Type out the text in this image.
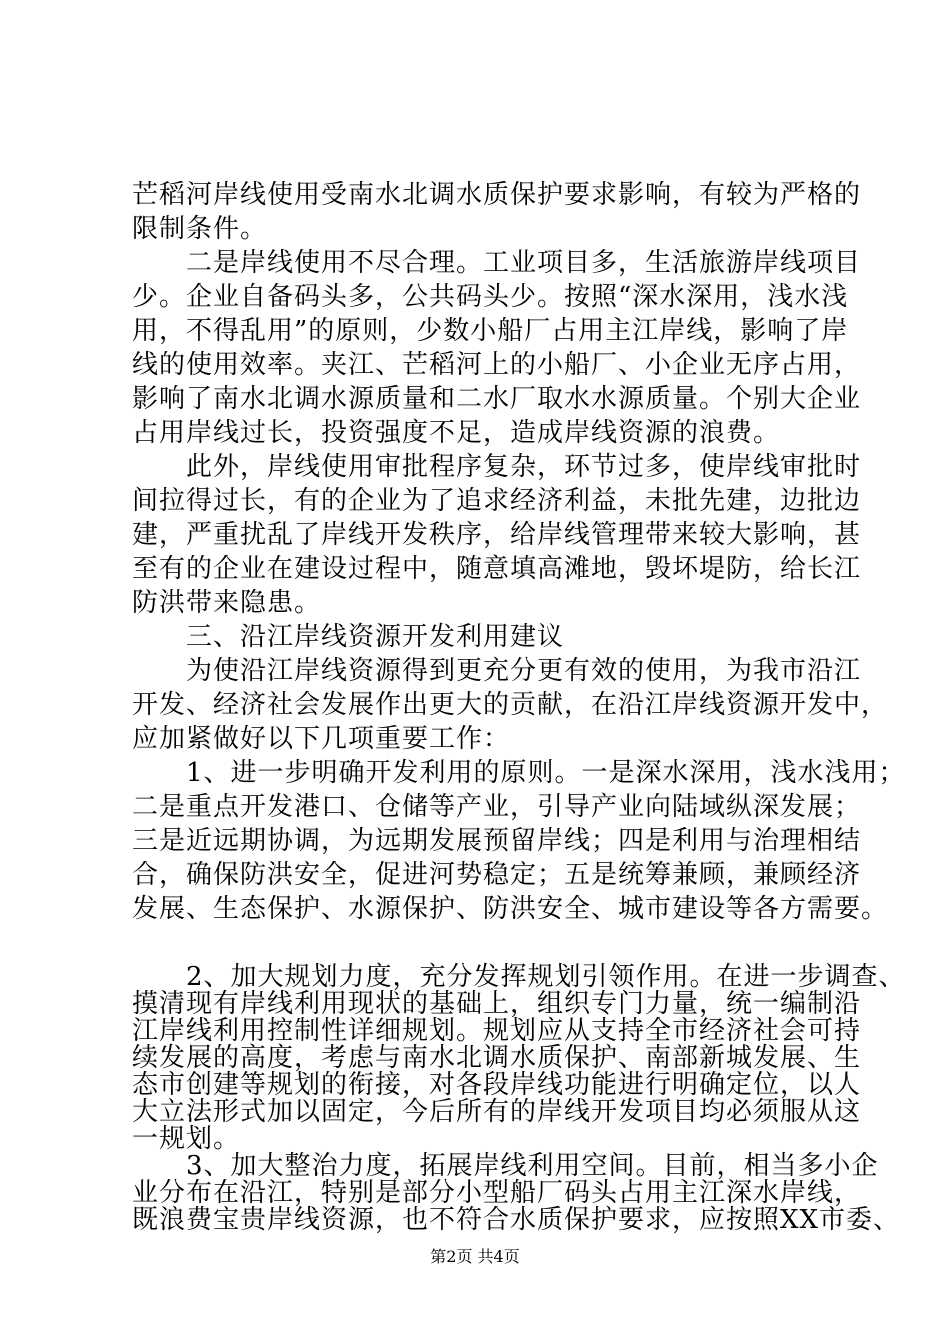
芒稻河岸线使用受南水北调水质保护要求影响，有较为严格的
限制条件。
　　二是岸线使用不尽合理。工业项目多，生活旅游岸线项目
少。企业自备码头多，公共码头少。按照“深水深用，浅水浅
用，不得乱用”的原则，少数小船厂占用主江岸线，影响了岸
线的使用效率。夹江、芒稻河上的小船厂、小企业无序占用，
影响了南水北调水源质量和二水厂取水水源质量。个别大企业
占用岸线过长，投资强度不足，造成岸线资源的浪费。
　　此外，岸线使用审批程序复杂，环节过多，使岸线审批时
间拉得过长，有的企业为了追求经济利益，未批先建，边批边
建，严重扰乱了岸线开发秩序，给岸线管理带来较大影响，甚
至有的企业在建设过程中，随意填高滩地，毁坏堤防，给长江
防洪带来隐患。
　　三、沿江岸线资源开发利用建议
　　为使沿江岸线资源得到更充分更有效的使用，为我市沿江
开发、经济社会发展作出更大的贡献，在沿江岸线资源开发中，
应加紧做好以下几项重要工作：
　　1、进一步明确开发利用的原则。一是深水深用，浅水浅用；
二是重点开发港口、仓储等产业，引导产业向陆域纵深发展；
三是近远期协调，为远期发展预留岸线；四是利用与治理相结
合，确保防洪安全，促进河势稳定；五是统筹兼顾，兼顾经济
发展、生态保护、水源保护、防洪安全、城市建设等各方需要。
　　2、加大规划力度，充分发挥规划引领作用。在进一步调查、
摸清现有岸线利用现状的基础上，组织专门力量，统一编制沿
江岸线利用控制性详细规划。规划应从支持全市经济社会可持
续发展的高度，考虑与南水北调水质保护、南部新城发展、生
态市创建等规划的衔接，对各段岸线功能进行明确定位，以人
大立法形式加以固定，今后所有的岸线开发项目均必须服从这
一规划。
　　3、加大整治力度，拓展岸线利用空间。目前，相当多小企
第2页 共4页
业分布在沿江，特别是部分小型船厂码头占用主江深水岸线，
既浪费宝贵岸线资源，也不符合水质保护要求，应按照XX市委、
